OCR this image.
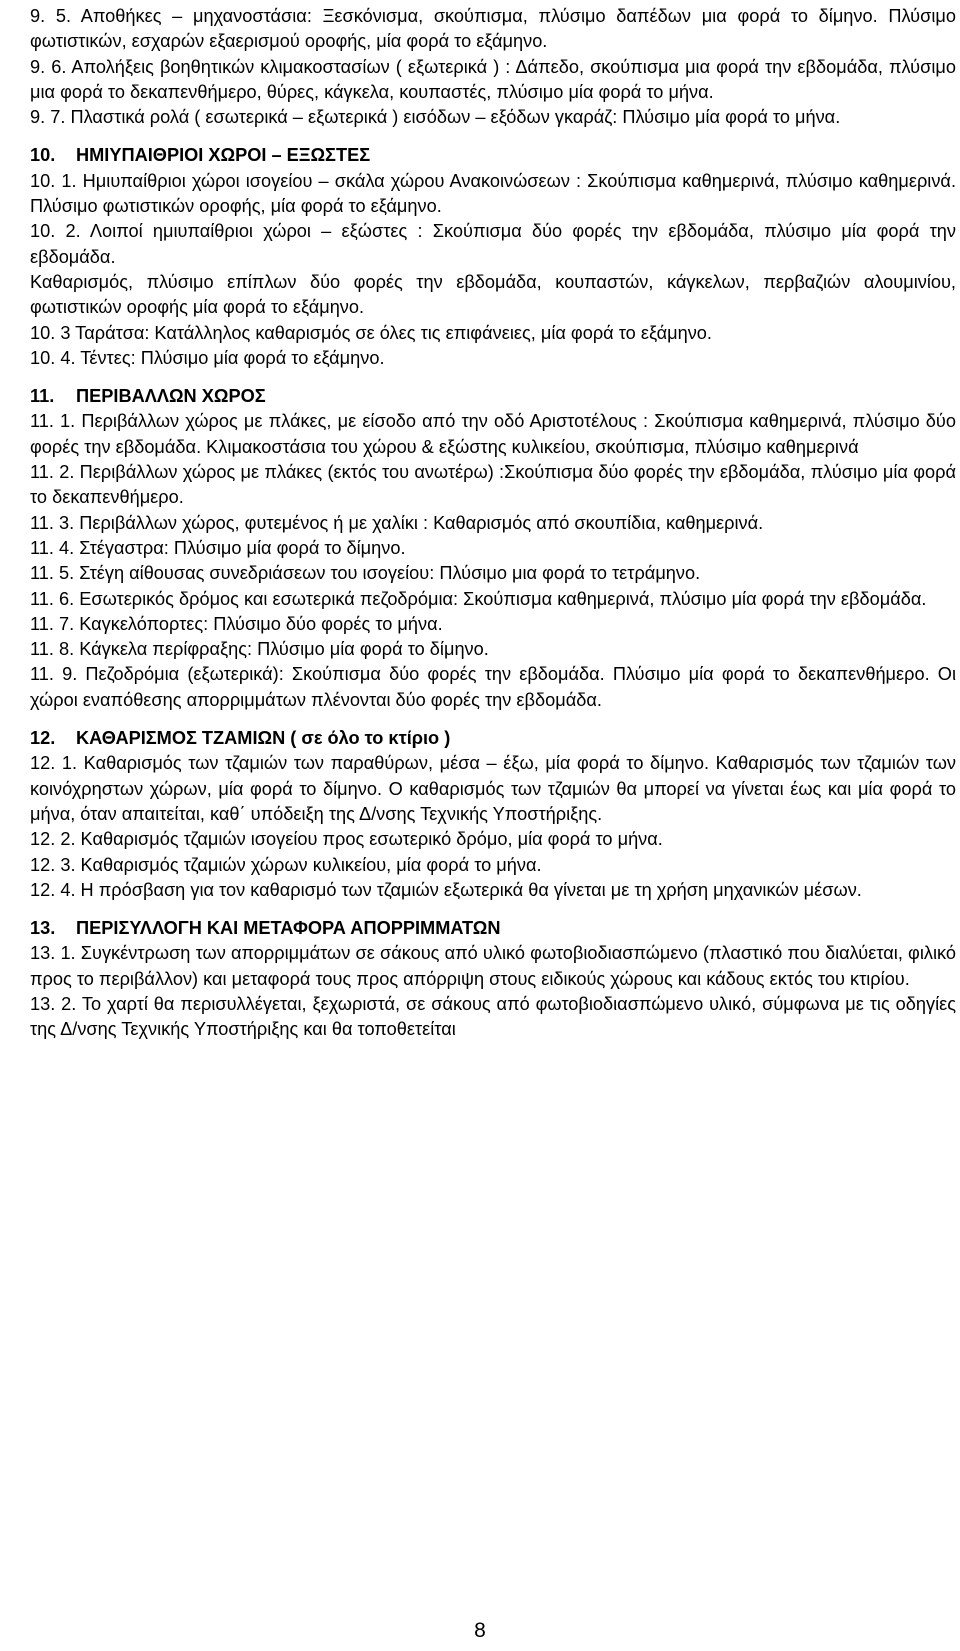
9. 5. Αποθήκες – μηχανοστάσια: Ξεσκόνισμα, σκούπισμα, πλύσιμο δαπέδων μια φορά το δίμηνο. Πλύσιμο φωτιστικών, εσχαρών εξαερισμού οροφής, μία φορά το εξάμηνο.

9. 6. Απολήξεις βοηθητικών κλιμακοστασίων ( εξωτερικά ) : Δάπεδο, σκούπισμα μια φορά την εβδομάδα, πλύσιμο μια φορά το δεκαπενθήμερο, θύρες, κάγκελα, κουπαστές, πλύσιμο μία φορά το μήνα.

9. 7. Πλαστικά ρολά ( εσωτερικά – εξωτερικά ) εισόδων – εξόδων γκαράζ: Πλύσιμο μία φορά το μήνα.

10. ΗΜΙΥΠΑΙΘΡΙΟΙ ΧΩΡΟΙ – ΕΞΩΣΤΕΣ

10. 1. Ημιυπαίθριοι χώροι ισογείου – σκάλα χώρου Ανακοινώσεων : Σκούπισμα καθημερινά, πλύσιμο καθημερινά. Πλύσιμο φωτιστικών οροφής, μία φορά το εξάμηνο.

10. 2. Λοιποί ημιυπαίθριοι χώροι – εξώστες : Σκούπισμα δύο φορές την εβδομάδα, πλύσιμο μία φορά την εβδομάδα.

Καθαρισμός, πλύσιμο επίπλων δύο φορές την εβδομάδα, κουπαστών, κάγκελων, περβαζιών αλουμινίου, φωτιστικών οροφής μία φορά το εξάμηνο.

10. 3 Ταράτσα: Κατάλληλος καθαρισμός σε όλες τις επιφάνειες, μία φορά το εξάμηνο.

10. 4. Τέντες: Πλύσιμο μία φορά το εξάμηνο.

11. ΠΕΡΙΒΑΛΛΩΝ ΧΩΡΟΣ

11. 1. Περιβάλλων χώρος με πλάκες, με είσοδο από την οδό Αριστοτέλους : Σκούπισμα καθημερινά, πλύσιμο δύο φορές την εβδομάδα. Κλιμακοστάσια του χώρου & εξώστης κυλικείου, σκούπισμα, πλύσιμο καθημερινά

11. 2. Περιβάλλων χώρος με πλάκες (εκτός του ανωτέρω) :Σκούπισμα δύο φορές την εβδομάδα, πλύσιμο μία φορά το δεκαπενθήμερο.

11. 3. Περιβάλλων χώρος, φυτεμένος ή με χαλίκι : Καθαρισμός από σκουπίδια, καθημερινά.

11. 4. Στέγαστρα: Πλύσιμο μία φορά το δίμηνο.

11. 5. Στέγη αίθουσας συνεδριάσεων του ισογείου: Πλύσιμο μια φορά το τετράμηνο.

11. 6. Εσωτερικός δρόμος και εσωτερικά πεζοδρόμια: Σκούπισμα καθημερινά, πλύσιμο μία φορά την εβδομάδα.

11. 7. Καγκελόπορτες: Πλύσιμο δύο φορές το μήνα.

11. 8. Κάγκελα περίφραξης: Πλύσιμο μία φορά το δίμηνο.

11. 9. Πεζοδρόμια (εξωτερικά): Σκούπισμα δύο φορές την εβδομάδα. Πλύσιμο μία φορά το δεκαπενθήμερο. Οι χώροι εναπόθεσης απορριμμάτων πλένονται δύο φορές την εβδομάδα.

12. ΚΑΘΑΡΙΣΜΟΣ ΤΖΑΜΙΩΝ ( σε όλο το κτίριο )

12. 1. Καθαρισμός των τζαμιών των παραθύρων, μέσα – έξω, μία φορά το δίμηνο. Καθαρισμός των τζαμιών των κοινόχρηστων χώρων, μία φορά το δίμηνο. Ο καθαρισμός των τζαμιών θα μπορεί να γίνεται έως και μία φορά το μήνα, όταν απαιτείται, καθ΄ υπόδειξη της Δ/νσης Τεχνικής Υποστήριξης.

12. 2. Καθαρισμός τζαμιών ισογείου προς εσωτερικό δρόμο, μία φορά το μήνα.

12. 3. Καθαρισμός τζαμιών χώρων κυλικείου, μία φορά το μήνα.

12. 4. Η πρόσβαση για τον καθαρισμό των τζαμιών εξωτερικά θα γίνεται με τη χρήση μηχανικών μέσων.

13. ΠΕΡΙΣΥΛΛΟΓΗ ΚΑΙ ΜΕΤΑΦΟΡΑ ΑΠΟΡΡΙΜΜΑΤΩΝ

13. 1. Συγκέντρωση των απορριμμάτων σε σάκους από υλικό φωτοβιοδιασπώμενο (πλαστικό που διαλύεται, φιλικό προς το περιβάλλον) και μεταφορά τους προς απόρριψη στους ειδικούς χώρους και κάδους εκτός του κτιρίου.

13. 2. Το χαρτί θα περισυλλέγεται, ξεχωριστά, σε σάκους από φωτοβιοδιασπώμενο υλικό, σύμφωνα με τις οδηγίες της Δ/νσης Τεχνικής Υποστήριξης και θα τοποθετείται

8
